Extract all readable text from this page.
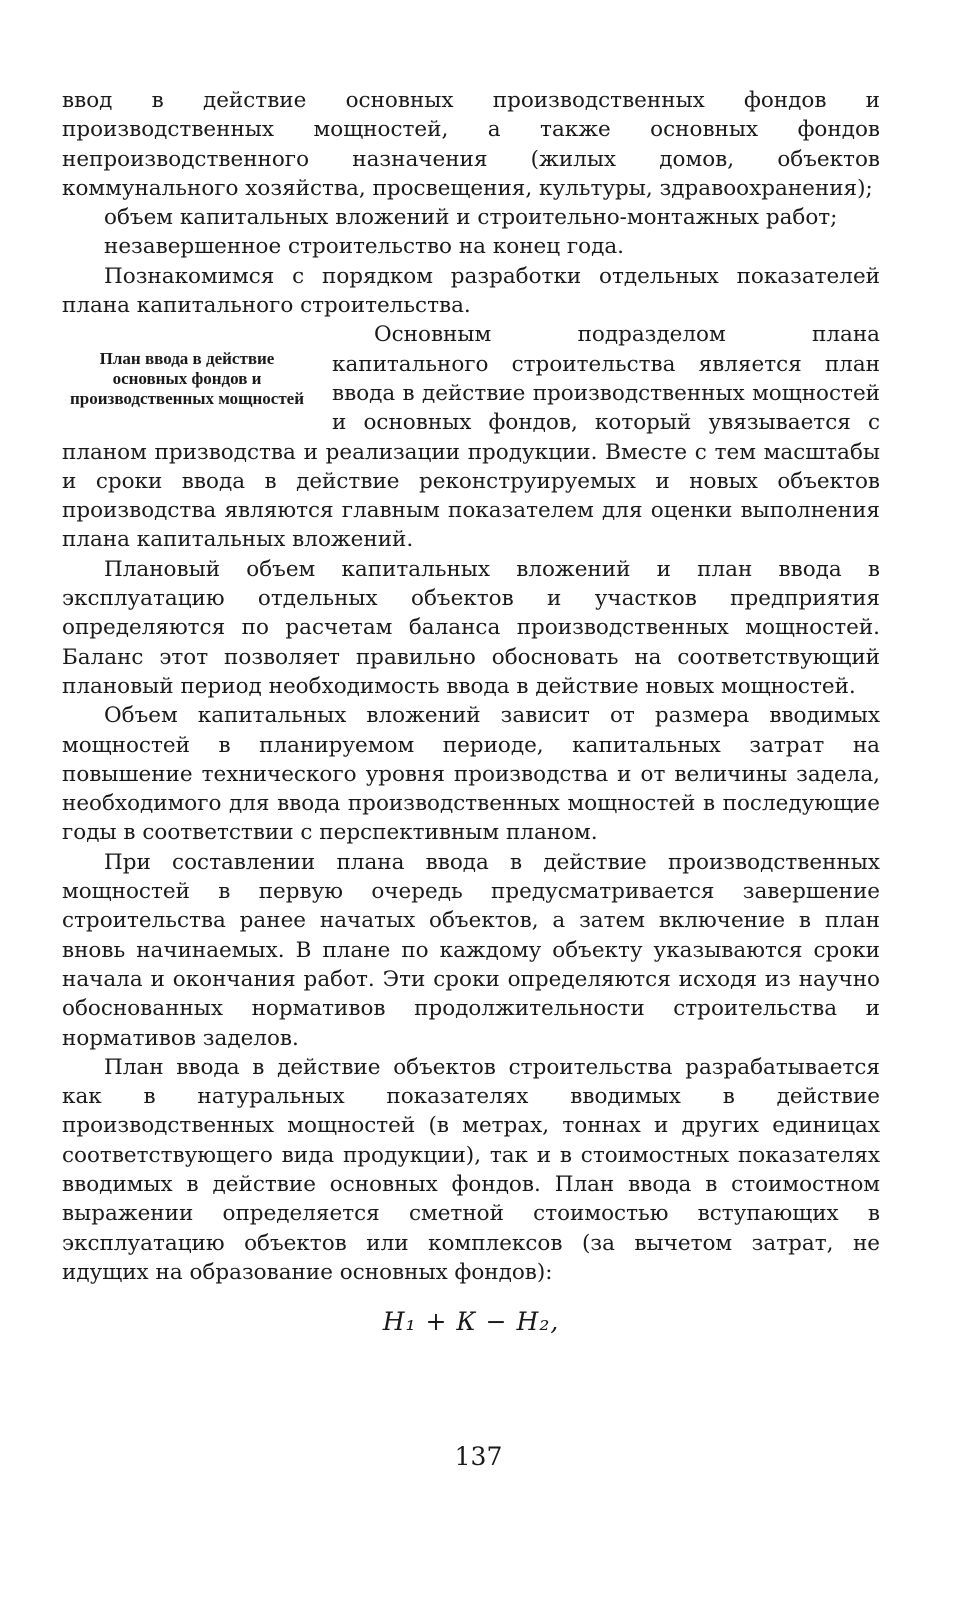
ввод в действие основных производственных фондов и производственных мощностей, а также основных фондов непроизводственного назначения (жилых домов, объектов коммунального хозяйства, просвещения, культуры, здравоохранения);

объем капитальных вложений и строительно-монтажных работ;

незавершенное строительство на конец года.

Познакомимся с порядком разработки отдельных показателей плана капитального строительства.

План ввода в действие основных фондов и производственных мощностей

Основным подразделом плана капитального строительства является план ввода в действие производственных мощностей и основных фондов, который увязывается с планом призводства и реализации продукции. Вместе с тем масштабы и сроки ввода в действие реконструируемых и новых объектов производства являются главным показателем для оценки выполнения плана капитальных вложений.

Плановый объем капитальных вложений и план ввода в эксплуатацию отдельных объектов и участков предприятия определяются по расчетам баланса производственных мощностей. Баланс этот позволяет правильно обосновать на соответствующий плановый период необходимость ввода в действие новых мощностей.

Объем капитальных вложений зависит от размера вводимых мощностей в планируемом периоде, капитальных затрат на повышение технического уровня производства и от величины задела, необходимого для ввода производственных мощностей в последующие годы в соответствии с перспективным планом.

При составлении плана ввода в действие производственных мощностей в первую очередь предусматривается завершение строительства ранее начатых объектов, а затем включение в план вновь начинаемых. В плане по каждому объекту указываются сроки начала и окончания работ. Эти сроки определяются исходя из научно обоснованных нормативов продолжительности строительства и нормативов заделов.

План ввода в действие объектов строительства разрабатывается как в натуральных показателях вводимых в действие производственных мощностей (в метрах, тоннах и других единицах соответствующего вида продукции), так и в стоимостных показателях вводимых в действие основных фондов. План ввода в стоимостном выражении определяется сметной стоимостью вступающих в эксплуатацию объектов или комплексов (за вычетом затрат, не идущих на образование основных фондов):

Н₁ + К − Н₂,
137
